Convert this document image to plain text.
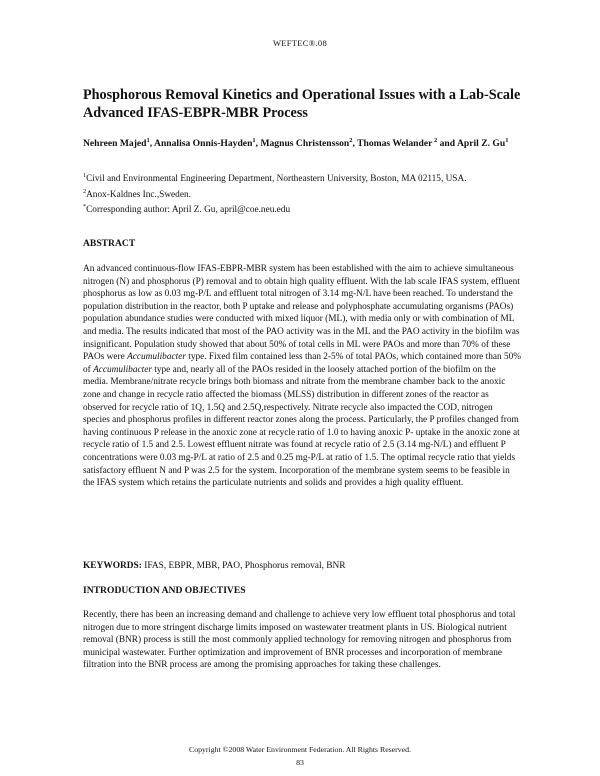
WEFTEC®.08
Phosphorous Removal Kinetics and Operational Issues with a Lab-Scale Advanced IFAS-EBPR-MBR Process
Nehreen Majed$^1$, Annalisa Onnis-Hayden$^1$, Magnus Christensson$^2$, Thomas Welander $^2$ and April Z. Gu$^1$
$^1$Civil and Environmental Engineering Department, Northeastern University, Boston, MA 02115, USA.
$^2$Anox-Kaldnes Inc.,Sweden.
*Corresponding author: April Z. Gu, april@coe.neu.edu
ABSTRACT
An advanced continuous-flow IFAS-EBPR-MBR system has been established with the aim to achieve simultaneous nitrogen (N) and phosphorus (P) removal and to obtain high quality effluent. With the lab scale IFAS system, effluent phosphorus as low as 0.03 mg-P/L and effluent total nitrogen of 3.14 mg-N/L have been reached. To understand the population distribution in the reactor, both P uptake and release and polyphosphate accumulating organisms (PAOs) population abundance studies were conducted with mixed liquor (ML), with media only or with combination of ML and media. The results indicated that most of the PAO activity was in the ML and the PAO activity in the biofilm was insignificant. Population study showed that about 50% of total cells in ML were PAOs and more than 70% of these PAOs were Accumulibacter type. Fixed film contained less than 2-5% of total PAOs, which contained more than 50% of Accumulibacter type and, nearly all of the PAOs resided in the loosely attached portion of the biofilm on the media. Membrane/nitrate recycle brings both biomass and nitrate from the membrane chamber back to the anoxic zone and change in recycle ratio affected the biomass (MLSS) distribution in different zones of the reactor as observed for recycle ratio of 1Q, 1.5Q and 2.5Q,respectively. Nitrate recycle also impacted the COD, nitrogen species and phosphorus profiles in different reactor zones along the process. Particularly, the P profiles changed from having continuous P release in the anoxic zone at recycle ratio of 1.0 to having anoxic P- uptake in the anoxic zone at recycle ratio of 1.5 and 2.5. Lowest effluent nitrate was found at recycle ratio of 2.5 (3.14 mg-N/L) and effluent P concentrations were 0.03 mg-P/L at ratio of 2.5 and 0.25 mg-P/L at ratio of 1.5. The optimal recycle ratio that yields satisfactory effluent N and P was 2.5 for the system. Incorporation of the membrane system seems to be feasible in the IFAS system which retains the particulate nutrients and solids and provides a high quality effluent.
KEYWORDS: IFAS, EBPR, MBR, PAO, Phosphorus removal, BNR
INTRODUCTION AND OBJECTIVES
Recently, there has been an increasing demand and challenge to achieve very low effluent total phosphorus and total nitrogen due to more stringent discharge limits imposed on wastewater treatment plants in US. Biological nutrient removal (BNR) process is still the most commonly applied technology for removing nitrogen and phosphorus from municipal wastewater. Further optimization and improvement of BNR processes and incorporation of membrane filtration into the BNR process are among the promising approaches for taking these challenges.
Copyright ©2008 Water Environment Federation. All Rights Reserved.
83
